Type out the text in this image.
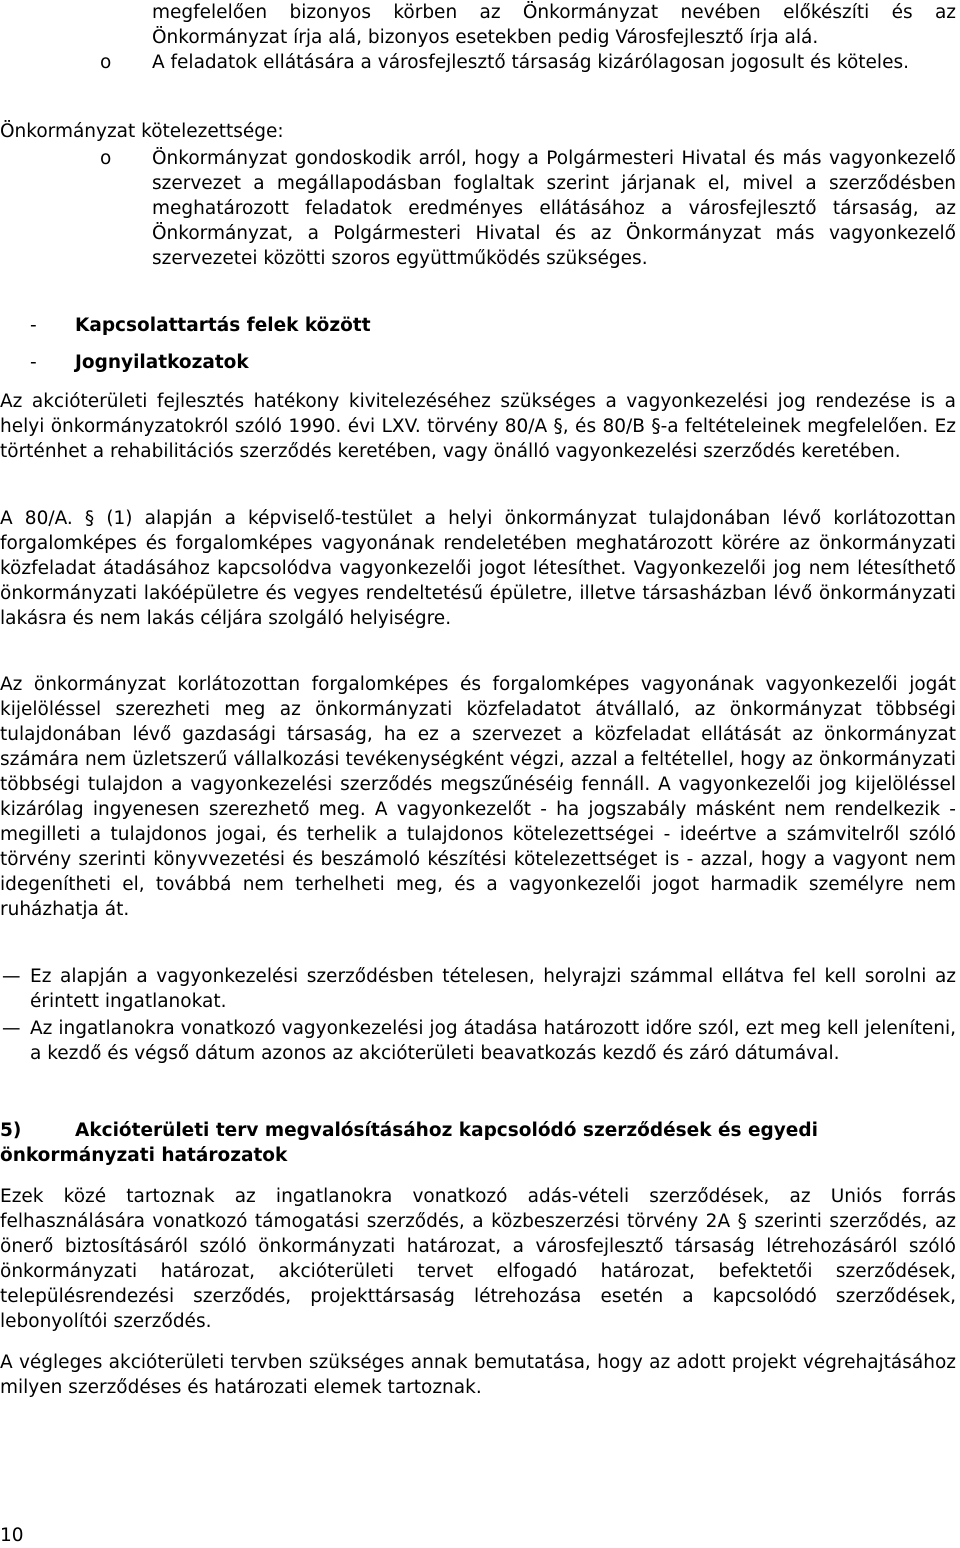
megfelelően bizonyos körben az Önkormányzat nevében előkészíti és az Önkormányzat írja alá, bizonyos esetekben pedig Városfejlesztő írja alá.

o A feladatok ellátására a városfejlesztő társaság kizárólagosan jogosult és köteles.

Önkormányzat kötelezettsége:

o Önkormányzat gondoskodik arról, hogy a Polgármesteri Hivatal és más vagyonkezelő szervezet a megállapodásban foglaltak szerint járjanak el, mivel a szerződésben meghatározott feladatok eredményes ellátásához a városfejlesztő társaság, az Önkormányzat, a Polgármesteri Hivatal és az Önkormányzat más vagyonkezelő szervezetei közötti szoros együttműködés szükséges.
- Kapcsolattartás felek között
- Jognyilatkozatok

Az akcióterületi fejlesztés hatékony kivitelezéséhez szükséges a vagyonkezelési jog rendezése is a helyi önkormányzatokról szóló 1990. évi LXV. törvény 80/A §, és 80/B §-a feltételeinek megfelelően. Ez történhet a rehabilitációs szerződés keretében, vagy önálló vagyonkezelési szerződés keretében.

A 80/A. § (1) alapján a képviselő-testület a helyi önkormányzat tulajdonában lévő korlátozottan forgalomképes és forgalomképes vagyonának rendeletében meghatározott körére az önkormányzati közfeladat átadásához kapcsolódva vagyonkezelői jogot létesíthet. Vagyonkezelői jog nem létesíthető önkormányzati lakóépületre és vegyes rendeltetésű épületre, illetve társasházban lévő önkormányzati lakásra és nem lakás céljára szolgáló helyiségre.

Az önkormányzat korlátozottan forgalomképes és forgalomképes vagyonának vagyonkezelői jogát kijelöléssel szerezheti meg az önkormányzati közfeladatot átvállaló, az önkormányzat többségi tulajdonában lévő gazdasági társaság, ha ez a szervezet a közfeladat ellátását az önkormányzat számára nem üzletszerű vállalkozási tevékenységként végzi, azzal a feltétellel, hogy az önkormányzati többségi tulajdon a vagyonkezelési szerződés megszűnéséig fennáll. A vagyonkezelői jog kijelöléssel kizárólag ingyenesen szerezhető meg. A vagyonkezelőt - ha jogszabály másként nem rendelkezik - megilleti a tulajdonos jogai, és terhelik a tulajdonos kötelezettségei - ideértve a számvitelről szóló törvény szerinti könyvvezetési és beszámoló készítési kötelezettséget is - azzal, hogy a vagyont nem idegenítheti el, továbbá nem terhelheti meg, és a vagyonkezelői jogot harmadik személyre nem ruházhatja át.

— Ez alapján a vagyonkezelési szerződésben tételesen, helyrajzi számmal ellátva fel kell sorolni az érintett ingatlanokat.
— Az ingatlanokra vonatkozó vagyonkezelési jog átadása határozott időre szól, ezt meg kell jeleníteni, a kezdő és végső dátum azonos az akcióterületi beavatkozás kezdő és záró dátumával.
5)	Akcióterületi terv megvalósításához kapcsolódó szerződések és egyedi önkormányzati határozatok

Ezek közé tartoznak az ingatlanokra vonatkozó adás-vételi szerződések, az Uniós forrás felhasználására vonatkozó támogatási szerződés, a közbeszerzési törvény 2A § szerinti szerződés, az önerő biztosításáról szóló önkormányzati határozat, a városfejlesztő társaság létrehozásáról szóló önkormányzati határozat, akcióterületi tervet elfogadó határozat, befektetői szerződések, településrendezési szerződés, projekttársaság létrehozása esetén a kapcsolódó szerződések, lebonyolítói szerződés.

A végleges akcióterületi tervben szükséges annak bemutatása, hogy az adott projekt végrehajtásához milyen szerződéses és határozati elemek tartoznak.

10
